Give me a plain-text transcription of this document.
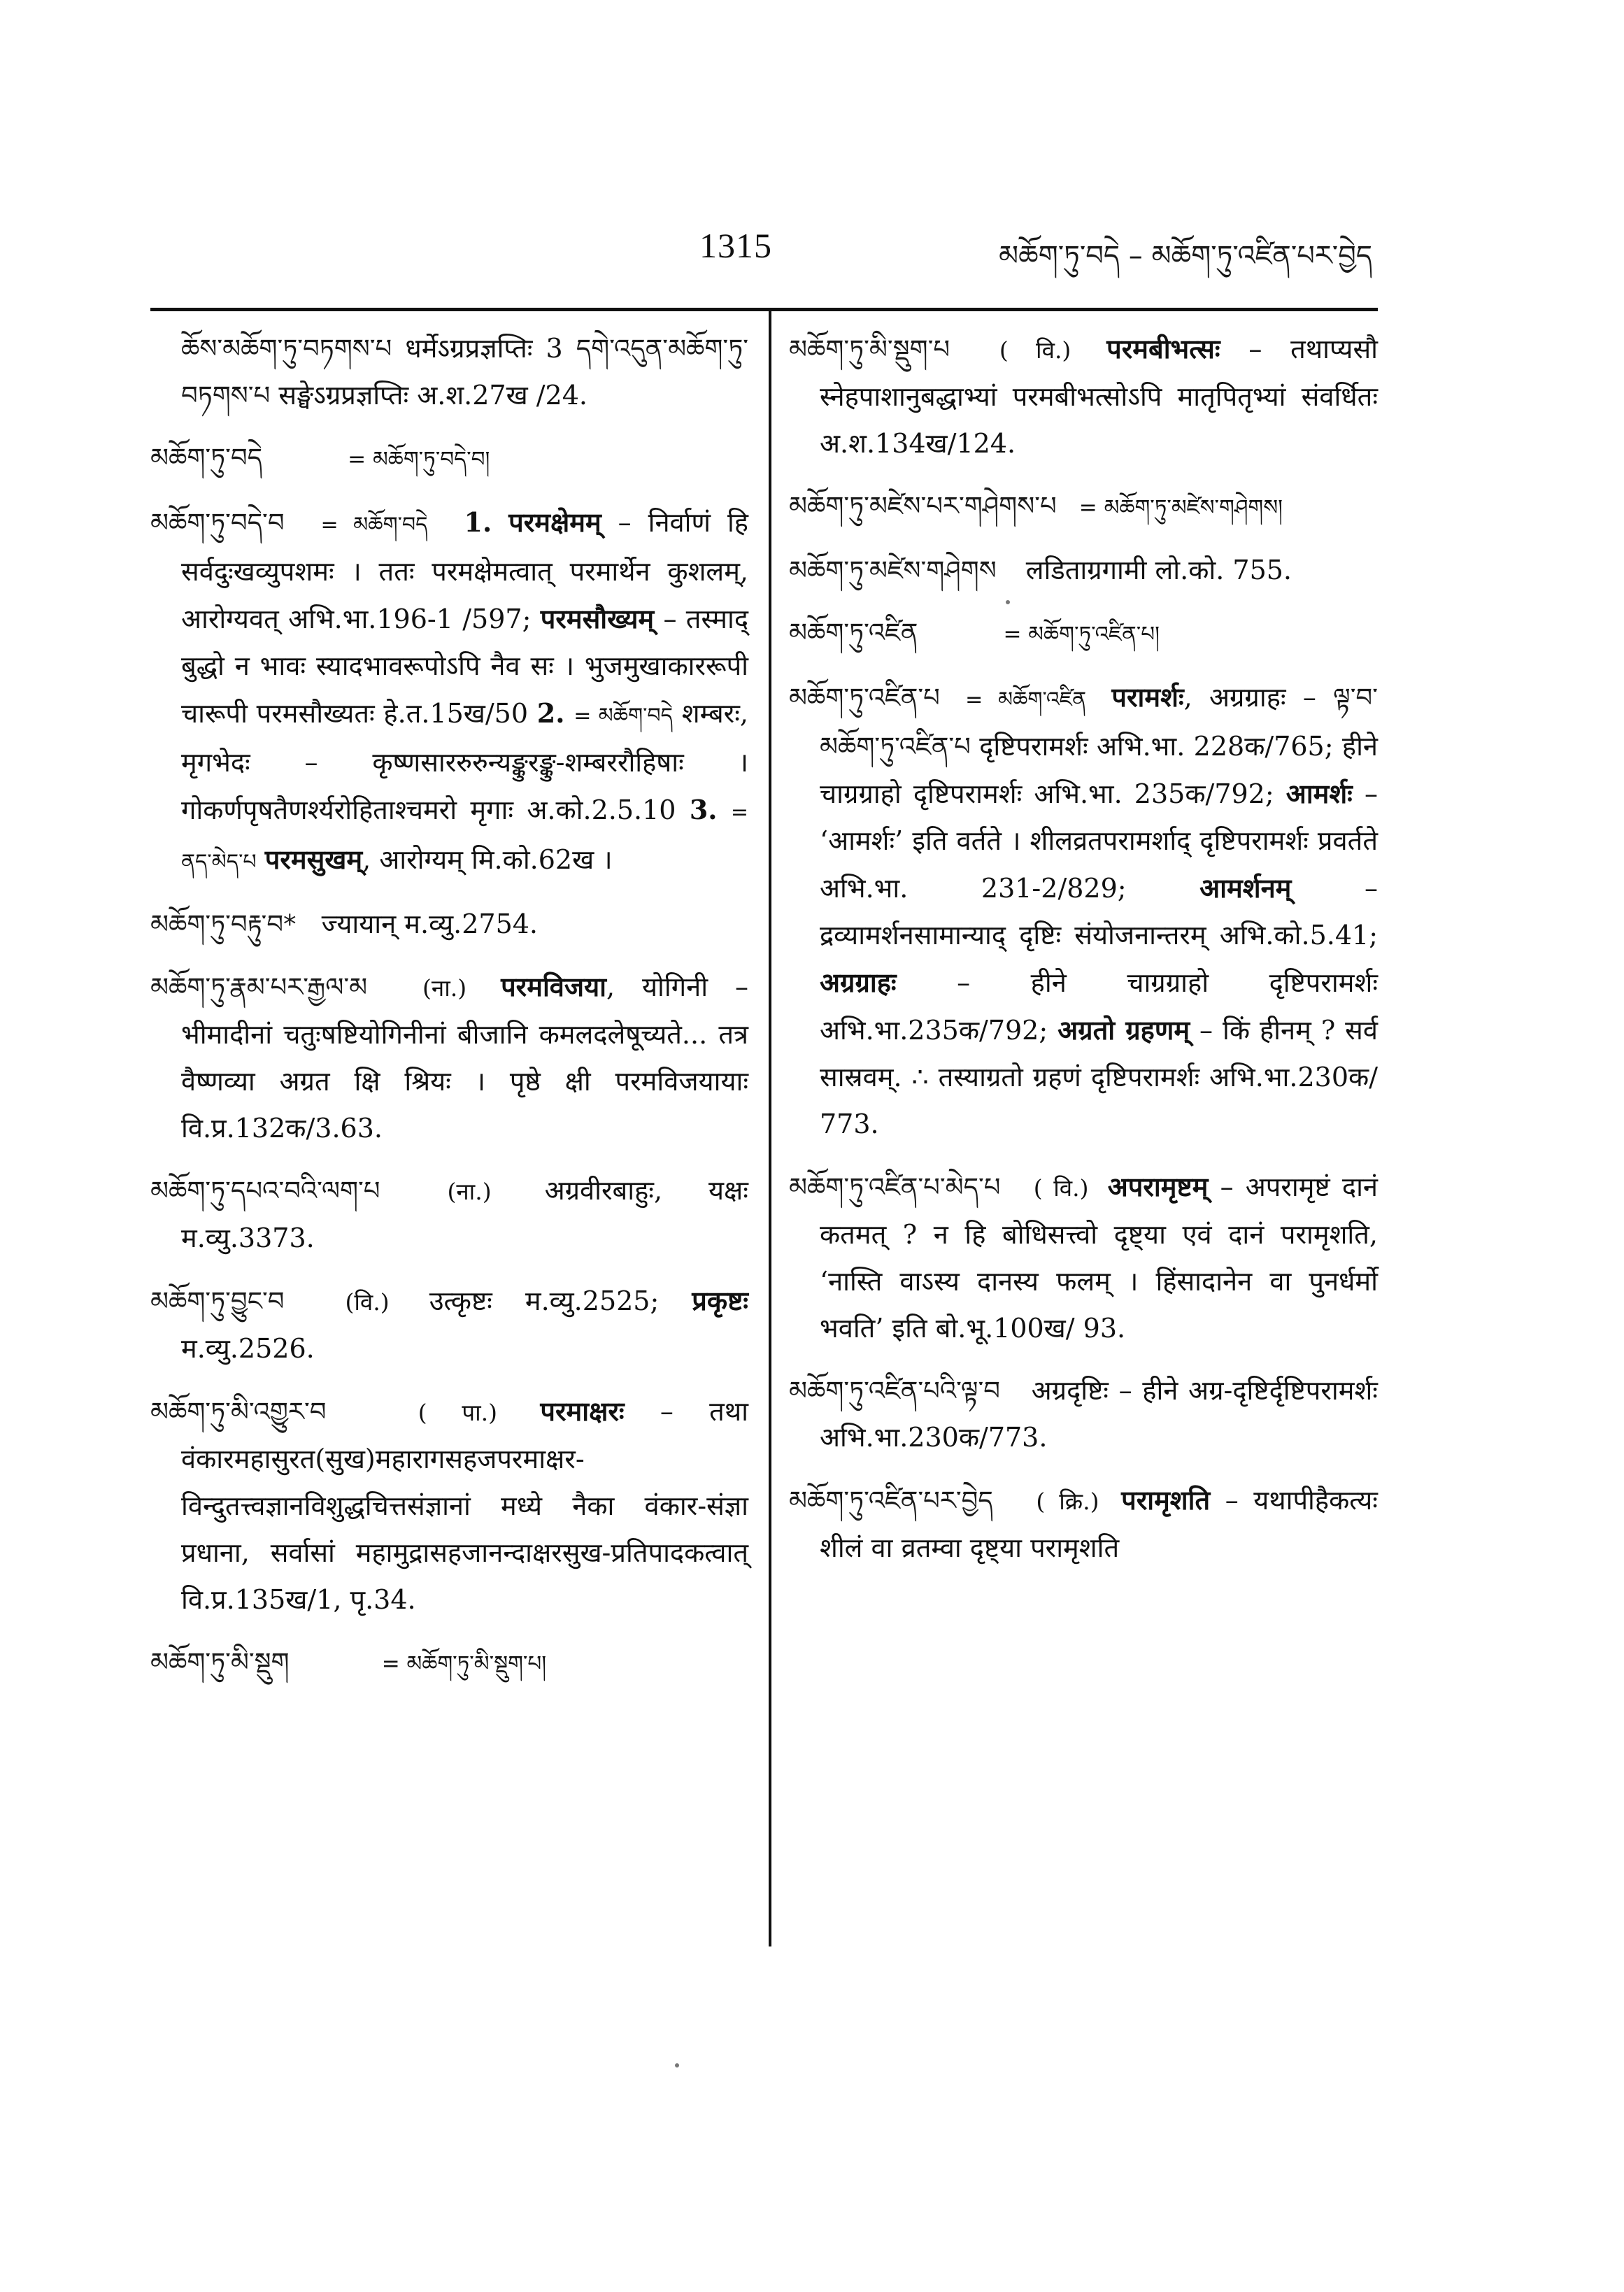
1315	མཆོག་ཏུ་བདེ – མཆོག་ཏུ་འཛིན་པར་བྱེད
ཆོས་མཆོག་ཏུ་བཏགས་པ धर्मेऽग्रप्रज्ञप्तिः 3 དགེ་འདུན་མཆོག་ཏུ་བཏགས་པ सङ्घेऽग्रप्रज्ञप्तिः अ.श.27ख /24.
མཆོག་ཏུ་བདེ	= མཆོག་ཏུ་བདེ་བ།
མཆོག་ཏུ་བདེ་བ = མཆོག་བདེ 1. परमक्षेमम् – निर्वाणं हि सर्वदुःखव्युपशमः । ततः परमक्षेमत्वात् परमार्थेन कुशलम्, आरोग्यवत् अभि.भा.196-1 /597; परमसौख्यम् – तस्माद् बुद्धो न भावः स्यादभावरूपोऽपि नैव सः । भुजमुखाकाररूपी चारूपी परमसौख्यतः हे.त.15ख/50 2. = མཆོག་བདེ शम्बरः, मृगभेदः – कृष्णसाररुरुन्यङ्कुरङ्कु-शम्बररौहिषाः । गोकर्णपृषतैणर्श्यरोहिताश्चमरो मृगाः अ.को.2.5.10 3. = ནད་མེད་པ परमसुखम्, आरोग्यम् मि.को.62ख ।
མཆོག་ཏུ་བརྟུ་བ* ज्यायान् म.व्यु.2754.
མཆོག་ཏུ་རྣམ་པར་རྒྱལ་མ (ना.) परमविजया, योगिनी – भीमादीनां चतुःषष्टियोगिनीनां बीजानि कमलदलेषूच्यते... तत्र वैष्णव्या अग्रत क्षि श्रियः । पृष्ठे क्षी परमविजयायाः वि.प्र.132क/3.63.
མཆོག་ཏུ་དཔའ་བའི་ལག་པ	(ना.) अग्रवीरबाहुः, यक्षः म.व्यु.3373.
མཆོག་ཏུ་བྱུང་བ	(वि.) उत्कृष्टः म.व्यु.2525; प्रकृष्टः म.व्यु.2526.
མཆོག་ཏུ་མི་འགྱུར་བ	( पा.) परमाक्षरः – तथा वंकारमहासुरत(सुख)महारागसहजपरमाक्षर-विन्दुतत्त्वज्ञानविशुद्धचित्तसंज्ञानां मध्ये नैका वंकार-संज्ञा प्रधाना, सर्वासां महामुद्रासहजानन्दाक्षरसुख-प्रतिपादकत्वात् वि.प्र.135ख/1, पृ.34.
མཆོག་ཏུ་མི་སྡུག	= མཆོག་ཏུ་མི་སྡུག་པ།
མཆོག་ཏུ་མི་སྡུག་པ ( वि.) परमबीभत्सः – तथाप्यसौ स्नेहपाशानुबद्धाभ्यां परमबीभत्सोऽपि मातृपितृभ्यां संवर्धितः अ.श.134ख/124.
མཆོག་ཏུ་མཛེས་པར་གཤེགས་པ = མཆོག་ཏུ་མཛེས་གཤེགས།
མཆོག་ཏུ་མཛེས་གཤེགས लडिताग्रगामी लो.को. 755.
མཆོག་ཏུ་འཛིན	= མཆོག་ཏུ་འཛིན་པ།
མཆོག་ཏུ་འཛིན་པ = མཆོག་འཛིན परामर्शः, अग्रग्राहः – ལྟ་བ་མཆོག་ཏུ་འཛིན་པ दृष्टिपरामर्शः अभि.भा. 228क/765; हीने चाग्रग्राहो दृष्टिपरामर्शः अभि.भा. 235क/792; आमर्शः – ‘आमर्शः’ इति वर्तते । शीलव्रतपरामर्शाद् दृष्टिपरामर्शः प्रवर्तते अभि.भा. 231-2/829; आमर्शनम् – द्रव्यामर्शनसामान्याद् दृष्टिः संयोजनान्तरम् अभि.को.5.41; अग्रग्राहः – हीने चाग्रग्राहो दृष्टिपरामर्शः अभि.भा.235क/792; अग्रतो ग्रहणम् – किं हीनम् ? सर्व सास्रवम्. ∴ तस्याग्रतो ग्रहणं दृष्टिपरामर्शः अभि.भा.230क/ 773.
མཆོག་ཏུ་འཛིན་པ་མེད་པ ( वि.) अपरामृष्टम् – अपरामृष्टं दानं कतमत् ? न हि बोधिसत्त्वो दृष्ट्या एवं दानं परामृशति, ‘नास्ति वाऽस्य दानस्य फलम् । हिंसादानेन वा पुनर्धर्मो भवति’ इति बो.भू.100ख/ 93.
མཆོག་ཏུ་འཛིན་པའི་ལྟ་བ अग्रदृष्टिः – हीने अग्र-दृष्टिर्दृष्टिपरामर्शः अभि.भा.230क/773.
མཆོག་ཏུ་འཛིན་པར་བྱེད ( क्रि.) परामृशति – यथापीहैकत्यः शीलं वा व्रतम्वा दृष्ट्या परामृशति
